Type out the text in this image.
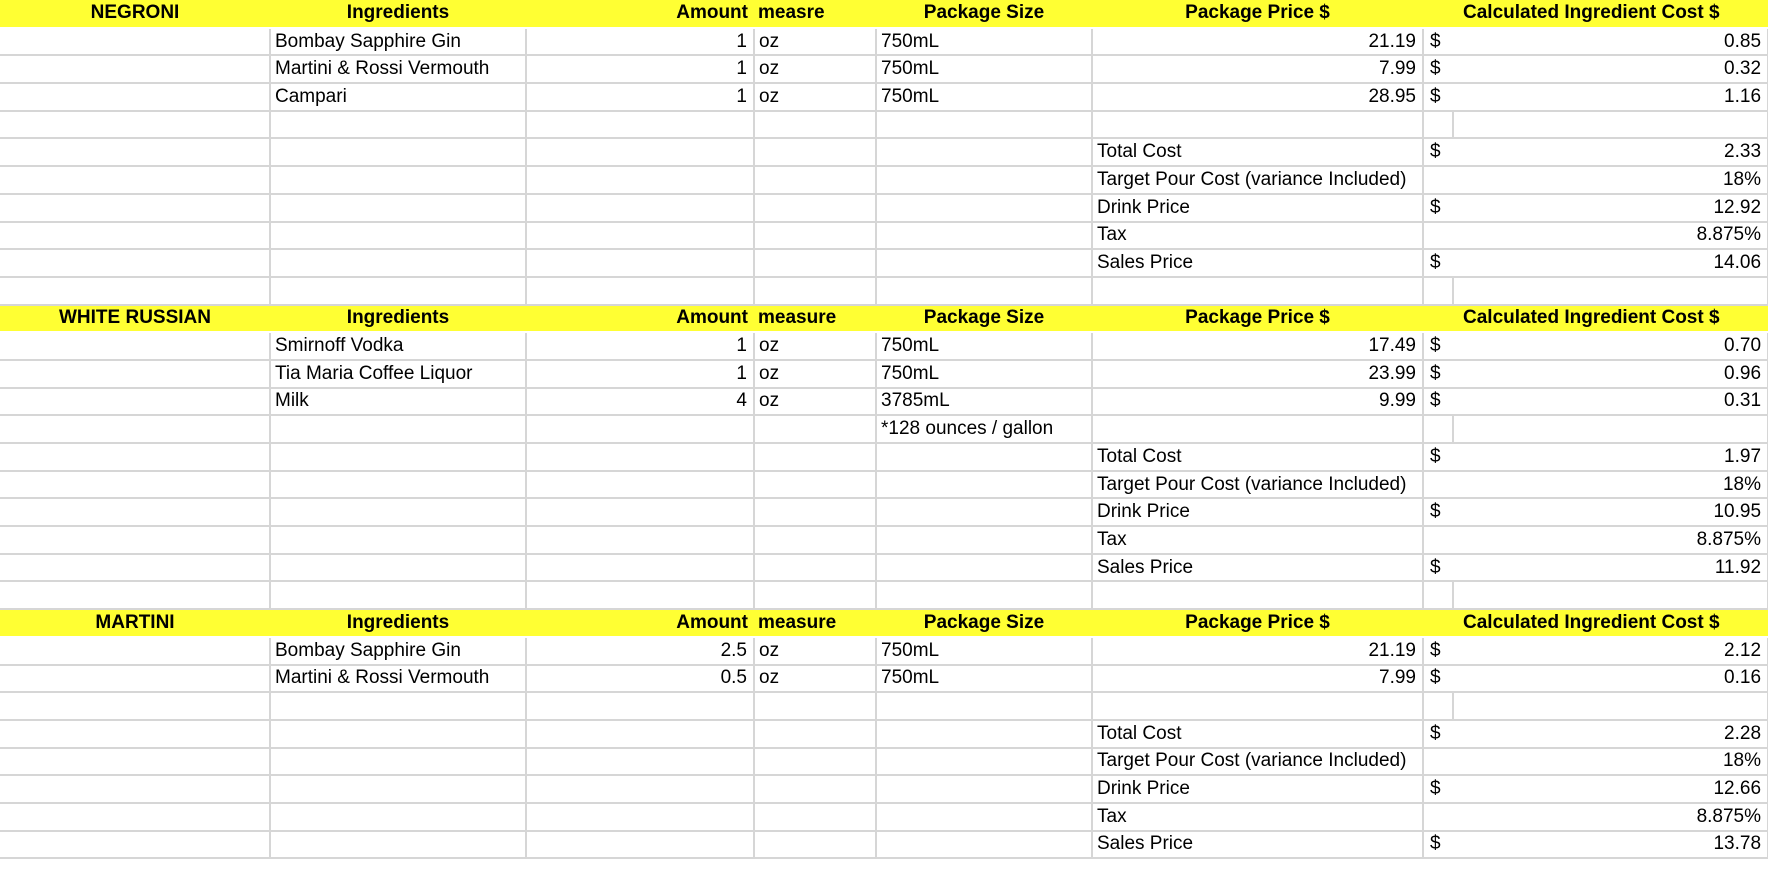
NEGRONI	Ingredients	Amount	measre	Package Size	Package Price $	Calculated Ingredient Cost $	
	Bombay Sapphire Gin	1	oz	750mL	21.19	$	0.85
	Martini & Rossi Vermouth	1	oz	750mL	7.99	$	0.32
	Campari	1	oz	750mL	28.95	$	1.16

					Total Cost	$	2.33
					Target Pour Cost (variance Included)		18%
					Drink Price	$	12.92
					Tax		8.875%
					Sales Price	$	14.06

WHITE RUSSIAN	Ingredients	Amount	measure	Package Size	Package Price $	Calculated Ingredient Cost $	
	Smirnoff Vodka	1	oz	750mL	17.49	$	0.70
	Tia Maria Coffee Liquor	1	oz	750mL	23.99	$	0.96
	Milk	4	oz	3785mL	9.99	$	0.31
				*128 ounces / gallon			
					Total Cost	$	1.97
					Target Pour Cost (variance Included)		18%
					Drink Price	$	10.95
					Tax		8.875%
					Sales Price	$	11.92

MARTINI	Ingredients	Amount	measure	Package Size	Package Price $	Calculated Ingredient Cost $	
	Bombay Sapphire Gin	2.5	oz	750mL	21.19	$	2.12
	Martini & Rossi Vermouth	0.5	oz	750mL	7.99	$	0.16

					Total Cost	$	2.28
					Target Pour Cost (variance Included)		18%
					Drink Price	$	12.66
					Tax		8.875%
					Sales Price	$	13.78
